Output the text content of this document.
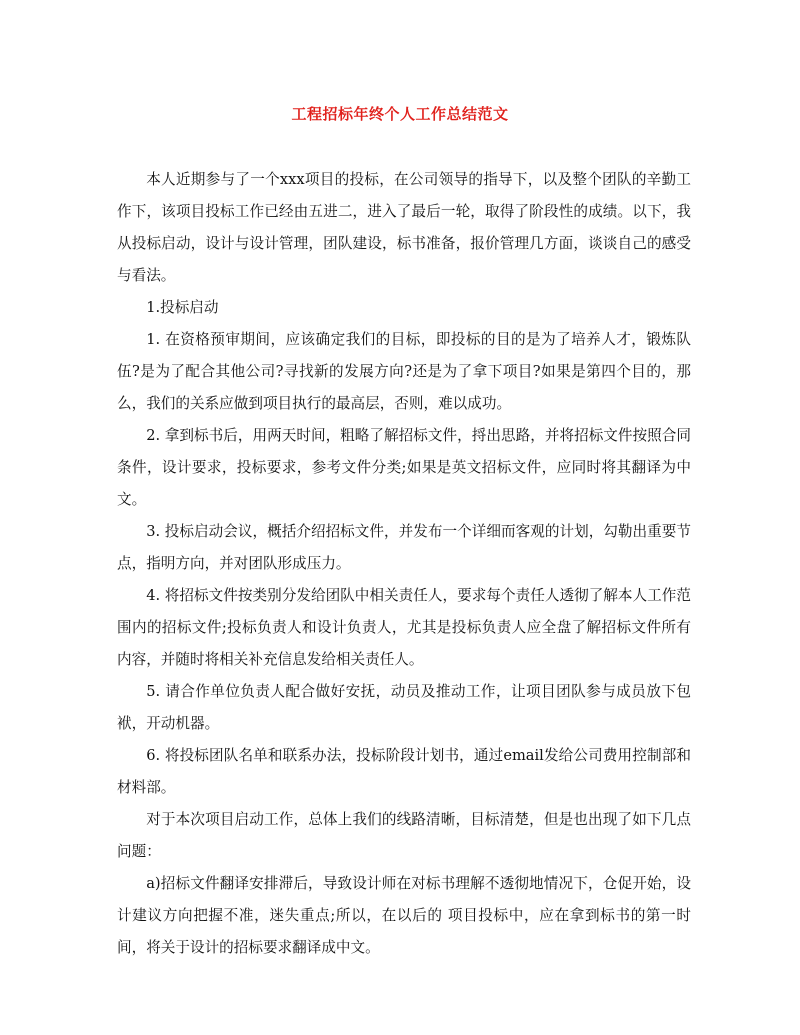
工程招标年终个人工作总结范文

本人近期参与了一个xxx项目的投标，在公司领导的指导下，以及整个团队的辛勤工作下，该项目投标工作已经由五进二，进入了最后一轮，取得了阶段性的成绩。以下，我从投标启动，设计与设计管理，团队建设，标书准备，报价管理几方面，谈谈自己的感受与看法。

1.投标启动

1. 在资格预审期间，应该确定我们的目标，即投标的目的是为了培养人才，锻炼队伍?是为了配合其他公司?寻找新的发展方向?还是为了拿下项目?如果是第四个目的，那么，我们的关系应做到项目执行的最高层，否则，难以成功。

2. 拿到标书后，用两天时间，粗略了解招标文件，捋出思路，并将招标文件按照合同条件，设计要求，投标要求，参考文件分类;如果是英文招标文件，应同时将其翻译为中文。

3. 投标启动会议，概括介绍招标文件，并发布一个详细而客观的计划，勾勒出重要节点，指明方向，并对团队形成压力。

4. 将招标文件按类别分发给团队中相关责任人，要求每个责任人透彻了解本人工作范围内的招标文件;投标负责人和设计负责人，尤其是投标负责人应全盘了解招标文件所有内容，并随时将相关补充信息发给相关责任人。

5. 请合作单位负责人配合做好安抚，动员及推动工作，让项目团队参与成员放下包袱，开动机器。

6. 将投标团队名单和联系办法，投标阶段计划书，通过email发给公司费用控制部和材料部。

对于本次项目启动工作，总体上我们的线路清晰，目标清楚，但是也出现了如下几点问题：

a)招标文件翻译安排滞后，导致设计师在对标书理解不透彻地情况下，仓促开始，设计建议方向把握不准，迷失重点;所以，在以后的 项目投标中，应在拿到标书的第一时间，将关于设计的招标要求翻译成中文。
